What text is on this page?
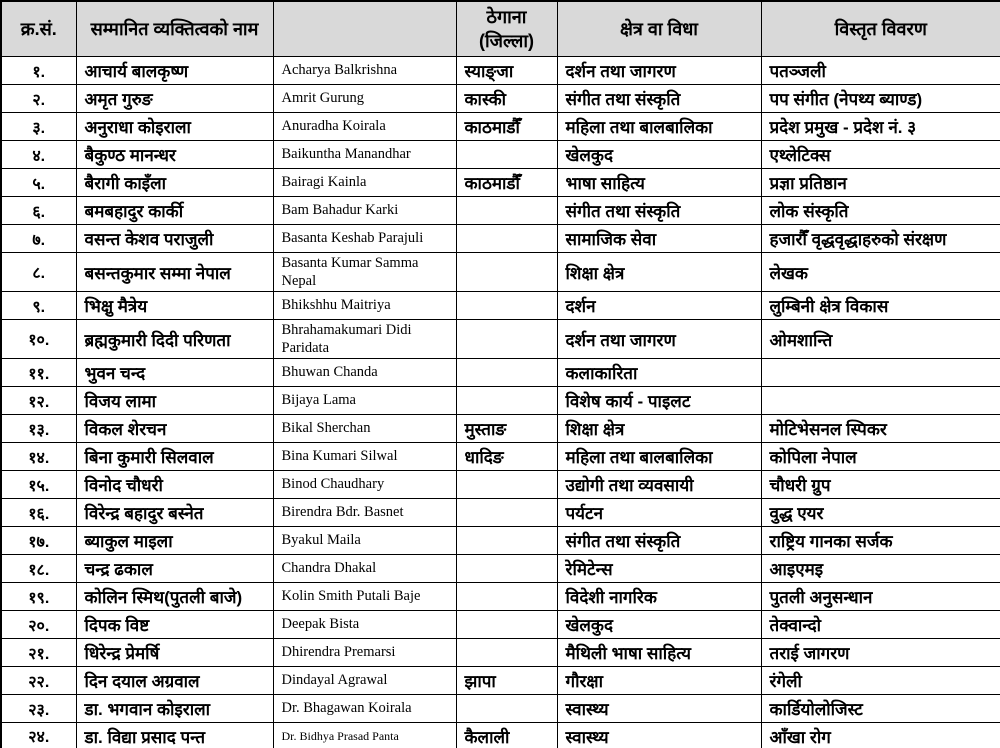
क्र.सं.	सम्मानित व्यक्तित्वको नाम		ठेगाना (जिल्ला)	क्षेत्र वा विधा	विस्तृत विवरण
१.	आचार्य बालकृष्ण	Acharya Balkrishna	स्याङ्जा	दर्शन तथा जागरण	पतञ्जली
२.	अमृत गुरुङ	Amrit Gurung	कास्की	संगीत तथा संस्कृति	पप संगीत (नेपथ्य ब्याण्ड)
३.	अनुराधा कोइराला	Anuradha Koirala	काठमाडौँ	महिला तथा बालबालिका	प्रदेश प्रमुख - प्रदेश नं. ३
४.	बैकुण्ठ मानन्धर	Baikuntha Manandhar		खेलकुद	एथ्लेटिक्स
५.	बैरागी काइँला	Bairagi Kainla	काठमाडौँ	भाषा साहित्य	प्रज्ञा प्रतिष्ठान
६.	बमबहादुर कार्की	Bam Bahadur Karki		संगीत तथा संस्कृति	लोक संस्कृति
७.	वसन्त केशव पराजुली	Basanta Keshab Parajuli		सामाजिक सेवा	हजारौँ वृद्धवृद्धाहरुको संरक्षण
८.	बसन्तकुमार सम्मा नेपाल	Basanta Kumar Samma Nepal		शिक्षा क्षेत्र	लेखक
९.	भिक्षु मैत्रेय	Bhikshhu Maitriya		दर्शन	लुम्बिनी क्षेत्र विकास
१०.	ब्रह्मकुमारी दिदी परिणता	Bhrahamakumari Didi Paridata		दर्शन तथा जागरण	ओमशान्ति
११.	भुवन चन्द	Bhuwan Chanda		कलाकारिता	
१२.	विजय लामा	Bijaya Lama		विशेष कार्य - पाइलट	
१३.	विकल शेरचन	Bikal Sherchan	मुस्ताङ	शिक्षा क्षेत्र	मोटिभेसनल स्पिकर
१४.	बिना कुमारी सिलवाल	Bina Kumari Silwal	धादिङ	महिला तथा बालबालिका	कोपिला नेपाल
१५.	विनोद चौधरी	Binod Chaudhary		उद्योगी तथा व्यवसायी	चौधरी ग्रुप
१६.	विरेन्द्र बहादुर बस्नेत	Birendra Bdr. Basnet		पर्यटन	वुद्ध एयर
१७.	ब्याकुल माइला	Byakul Maila		संगीत तथा संस्कृति	राष्ट्रिय गानका सर्जक
१८.	चन्द्र ढकाल	Chandra Dhakal		रेमिटेन्स	आइएमइ
१९.	कोलिन स्मिथ(पुतली बाजे)	Kolin Smith Putali Baje		विदेशी नागरिक	पुतली अनुसन्धान
२०.	दिपक विष्ट	Deepak Bista		खेलकुद	तेक्वान्दो
२१.	धिरेन्द्र प्रेमर्षि	Dhirendra Premarsi		मैथिली भाषा साहित्य	तराई जागरण
२२.	दिन दयाल अग्रवाल	Dindayal Agrawal	झापा	गौरक्षा	रंगेली
२३.	डा. भगवान कोइराला	Dr. Bhagawan Koirala		स्वास्थ्य	कार्डियोलोजिस्ट
२४.	डा. विद्या प्रसाद पन्त	Dr. Bidhya Prasad Panta	कैलाली	स्वास्थ्य	आँखा रोग
